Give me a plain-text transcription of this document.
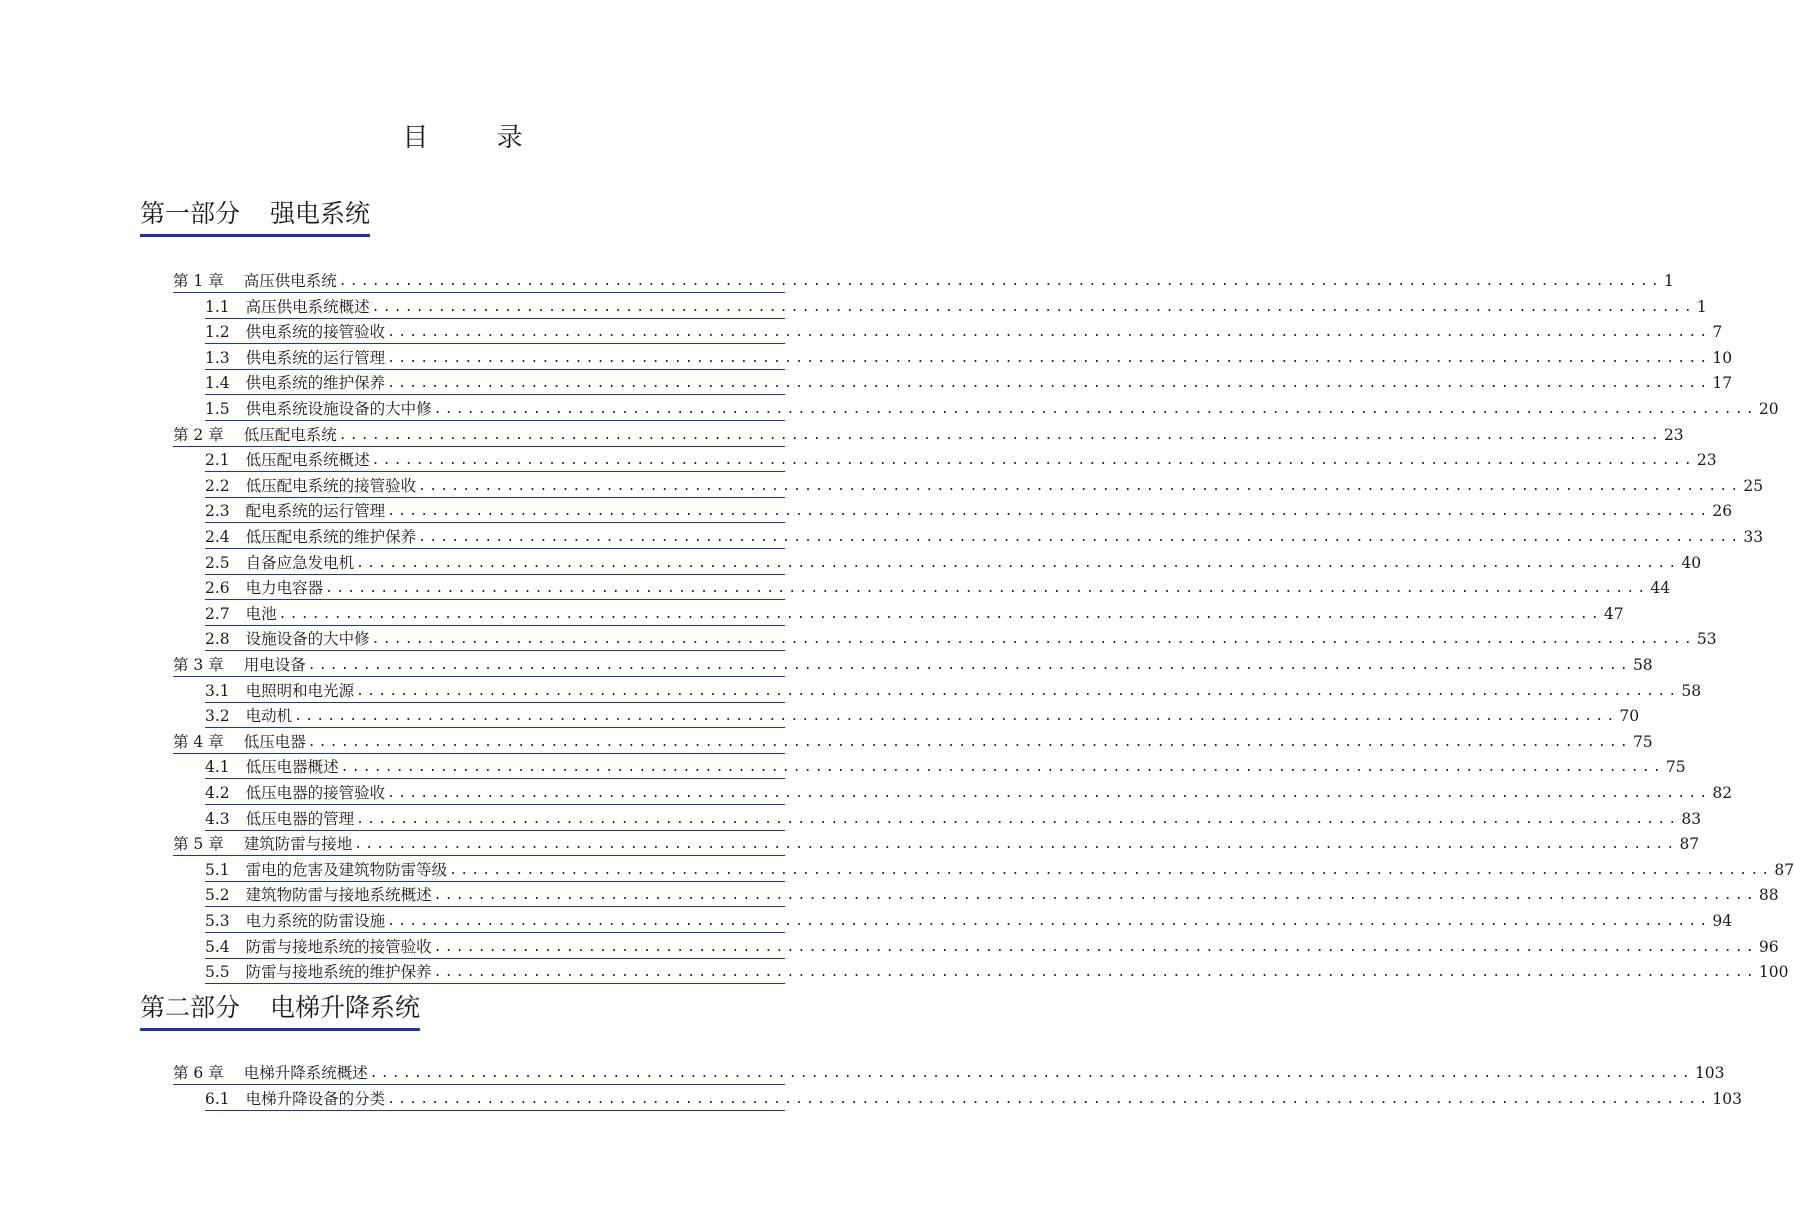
目 录
第一部分 强电系统
第二部分 电梯升降系统
第 1 章 高压供电系统 ........................................................................................................................ 1
1.1 高压供电系统概述 ........................................................................................................................ 1
1.2 供电系统的接管验收 ........................................................................................................................ 7
1.3 供电系统的运行管理 ........................................................................................................................ 10
1.4 供电系统的维护保养 ........................................................................................................................ 17
1.5 供电系统设施设备的大中修 ........................................................................................................................ 20
第 2 章 低压配电系统 ........................................................................................................................ 23
2.1 低压配电系统概述 ........................................................................................................................ 23
2.2 低压配电系统的接管验收 ........................................................................................................................ 25
2.3 配电系统的运行管理 ........................................................................................................................ 26
2.4 低压配电系统的维护保养 ........................................................................................................................ 33
2.5 自备应急发电机 ........................................................................................................................ 40
2.6 电力电容器 ........................................................................................................................ 44
2.7 电池 ........................................................................................................................ 47
2.8 设施设备的大中修 ........................................................................................................................ 53
第 3 章 用电设备 ........................................................................................................................ 58
3.1 电照明和电光源 ........................................................................................................................ 58
3.2 电动机 ........................................................................................................................ 70
第 4 章 低压电器 ........................................................................................................................ 75
4.1 低压电器概述 ........................................................................................................................ 75
4.2 低压电器的接管验收 ........................................................................................................................ 82
4.3 低压电器的管理 ........................................................................................................................ 83
第 5 章 建筑防雷与接地 ........................................................................................................................ 87
5.1 雷电的危害及建筑物防雷等级 ........................................................................................................................ 87
5.2 建筑物防雷与接地系统概述 ........................................................................................................................ 88
5.3 电力系统的防雷设施 ........................................................................................................................ 94
5.4 防雷与接地系统的接管验收 ........................................................................................................................ 96
5.5 防雷与接地系统的维护保养 ........................................................................................................................ 100
第 6 章 电梯升降系统概述 ........................................................................................................................ 103
6.1 电梯升降设备的分类 ........................................................................................................................ 103
